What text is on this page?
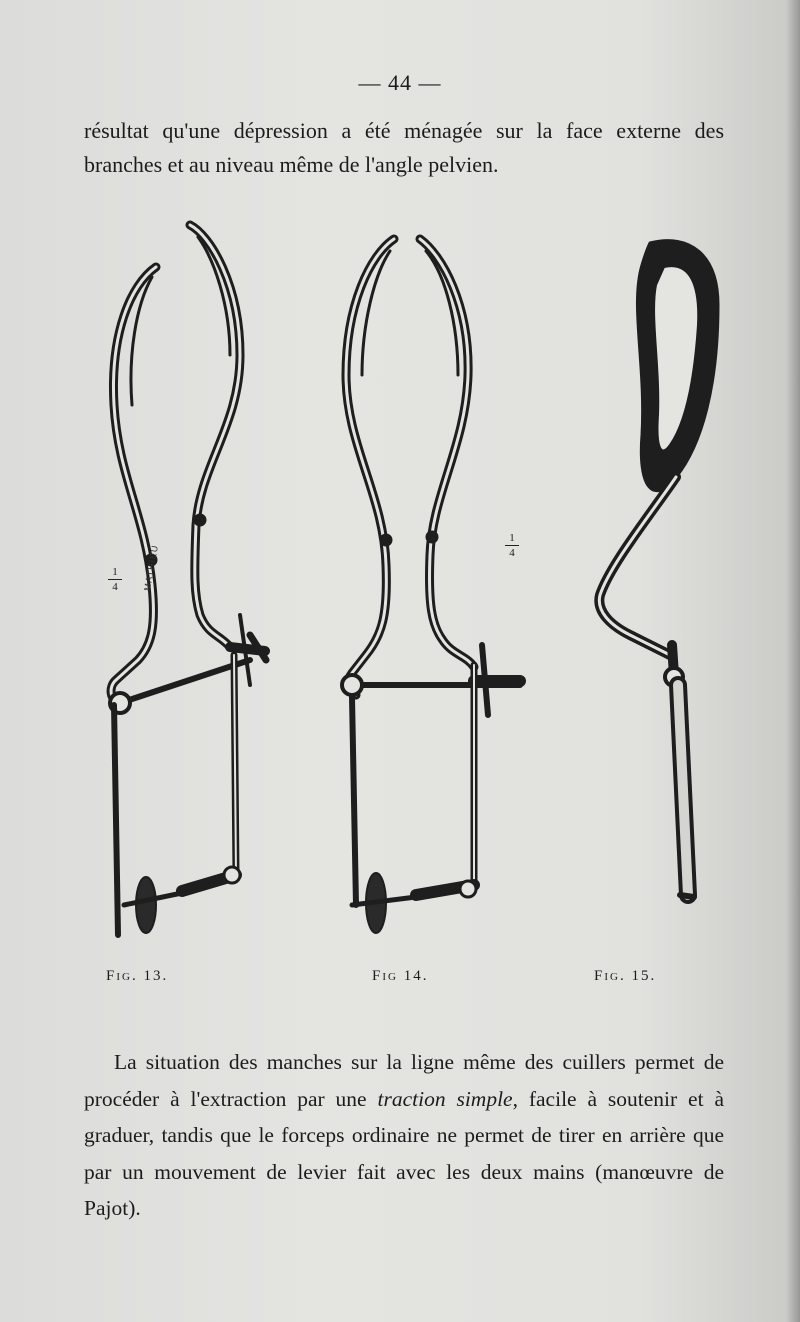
— 44 —
résultat qu'une dépression a été ménagée sur la face externe des branches et au niveau même de l'angle pelvien.
1
4
1
4
MATHIEU
Fig. 13.	Fig 14.	Fig. 15.
La situation des manches sur la ligne même des cuillers permet de procéder à l'extraction par une traction simple, facile à soutenir et à graduer, tandis que le forceps ordinaire ne permet de tirer en arrière que par un mouvement de levier fait avec les deux mains (manœuvre de Pajot).
